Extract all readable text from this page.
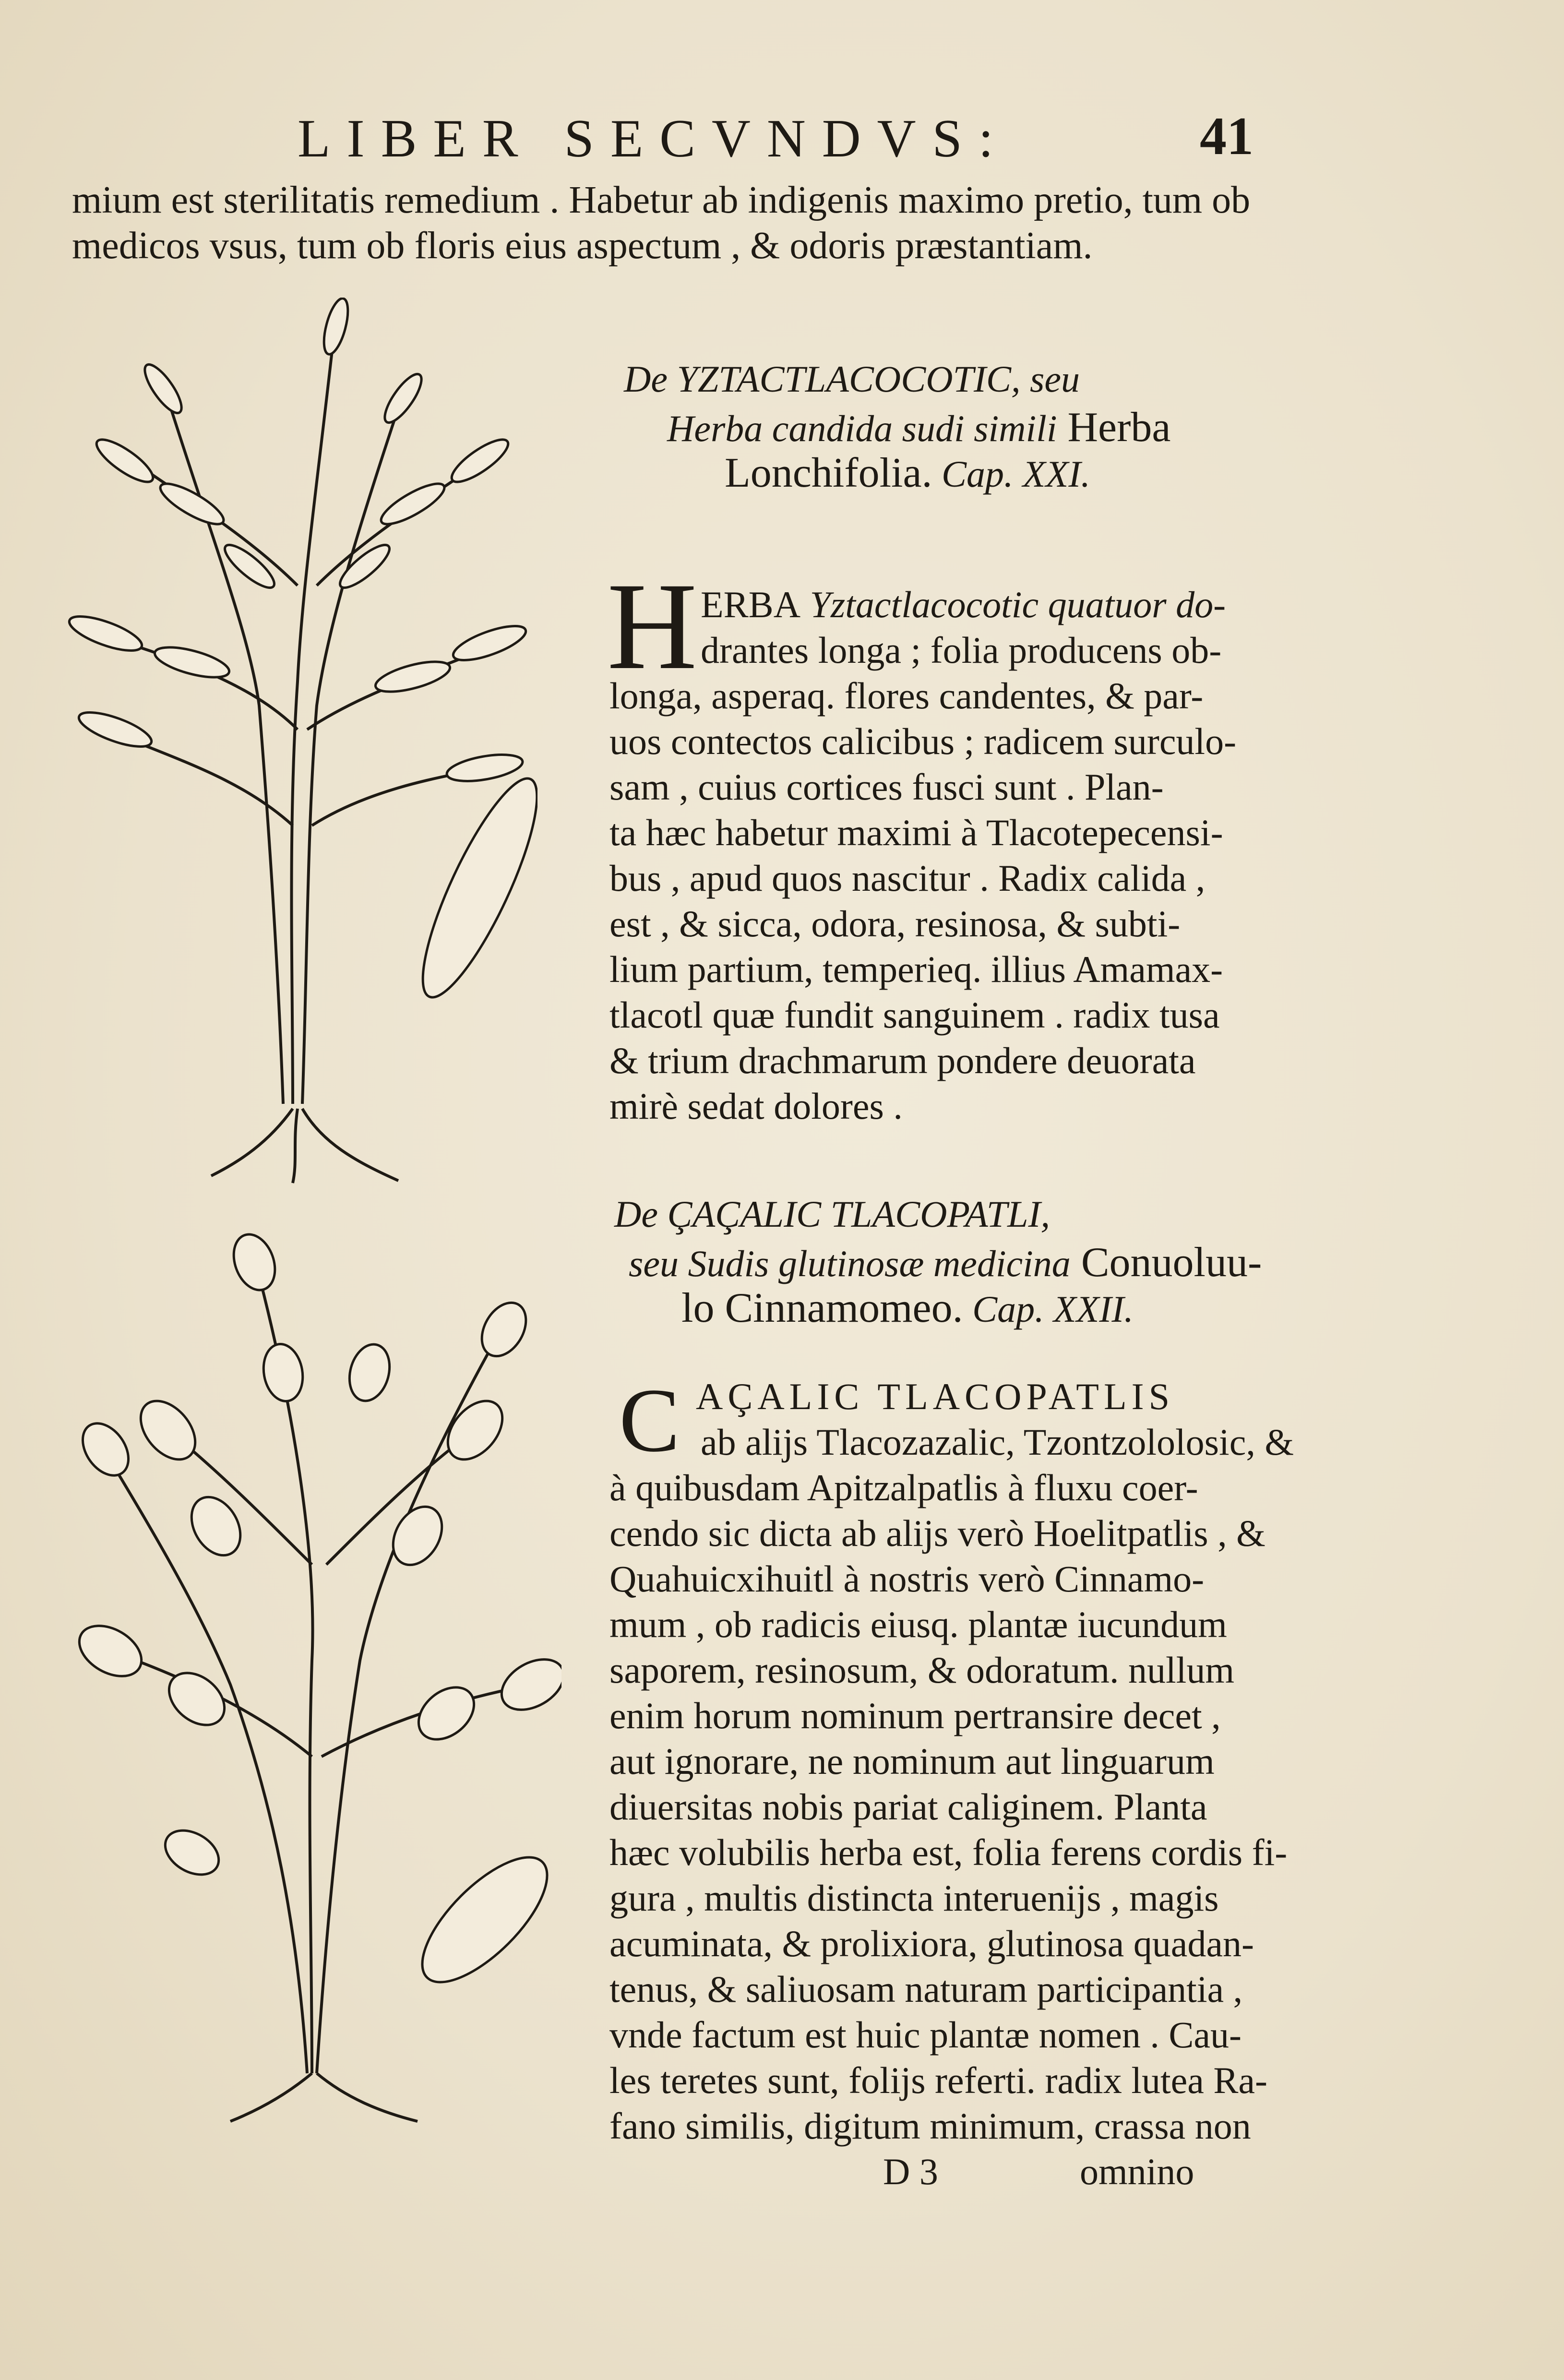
LIBER SECVNDVS:	41
mium est sterilitatis remedium . Habetur ab indigenis maximo pretio, tum ob
medicos vsus, tum ob floris eius aspectum , & odoris præstantiam.
De YZTACTLACOCOTIC, seu
Herba candida sudi simili Herba
Lonchifolia. Cap. XXI.
H ERBA Yztactlacocotic quatuor do-
drantes longa ; folia producens ob-
longa, asperaq. flores candentes, & par-
uos contectos calicibus ; radicem surculo-
sam , cuius cortices fusci sunt . Plan-
ta hæc habetur maximi à Tlacotepecensi-
bus , apud quos nascitur . Radix calida ,
est , & sicca, odora, resinosa, & subti-
lium partium, temperieq. illius Amamax-
tlacotl quæ fundit sanguinem . radix tusa
& trium drachmarum pondere deuorata
mirè sedat dolores .
De ÇAÇALIC TLACOPATLI,
seu Sudis glutinosæ medicina Conuoluu-
lo Cinnamomeo. Cap. XXII.
C AÇALIC TLACOPATLIS
ab alijs Tlacozazalic, Tzontzololosic, &
à quibusdam Apitzalpatlis à fluxu coer-
cendo sic dicta ab alijs verò Hoelitpatlis , &
Quahuicxihuitl à nostris verò Cinnamo-
mum , ob radicis eiusq. plantæ iucundum
saporem, resinosum, & odoratum. nullum
enim horum nominum pertransire decet ,
aut ignorare, ne nominum aut linguarum
diuersitas nobis pariat caliginem. Planta
hæc volubilis herba est, folia ferens cordis fi-
gura , multis distincta interuenijs , magis
acuminata, & prolixiora, glutinosa quadan-
tenus, & saliuosam naturam participantia ,
vnde factum est huic plantæ nomen . Cau-
les teretes sunt, folijs referti. radix lutea Ra-
fano similis, digitum minimum, crassa non
D 3	omnino
